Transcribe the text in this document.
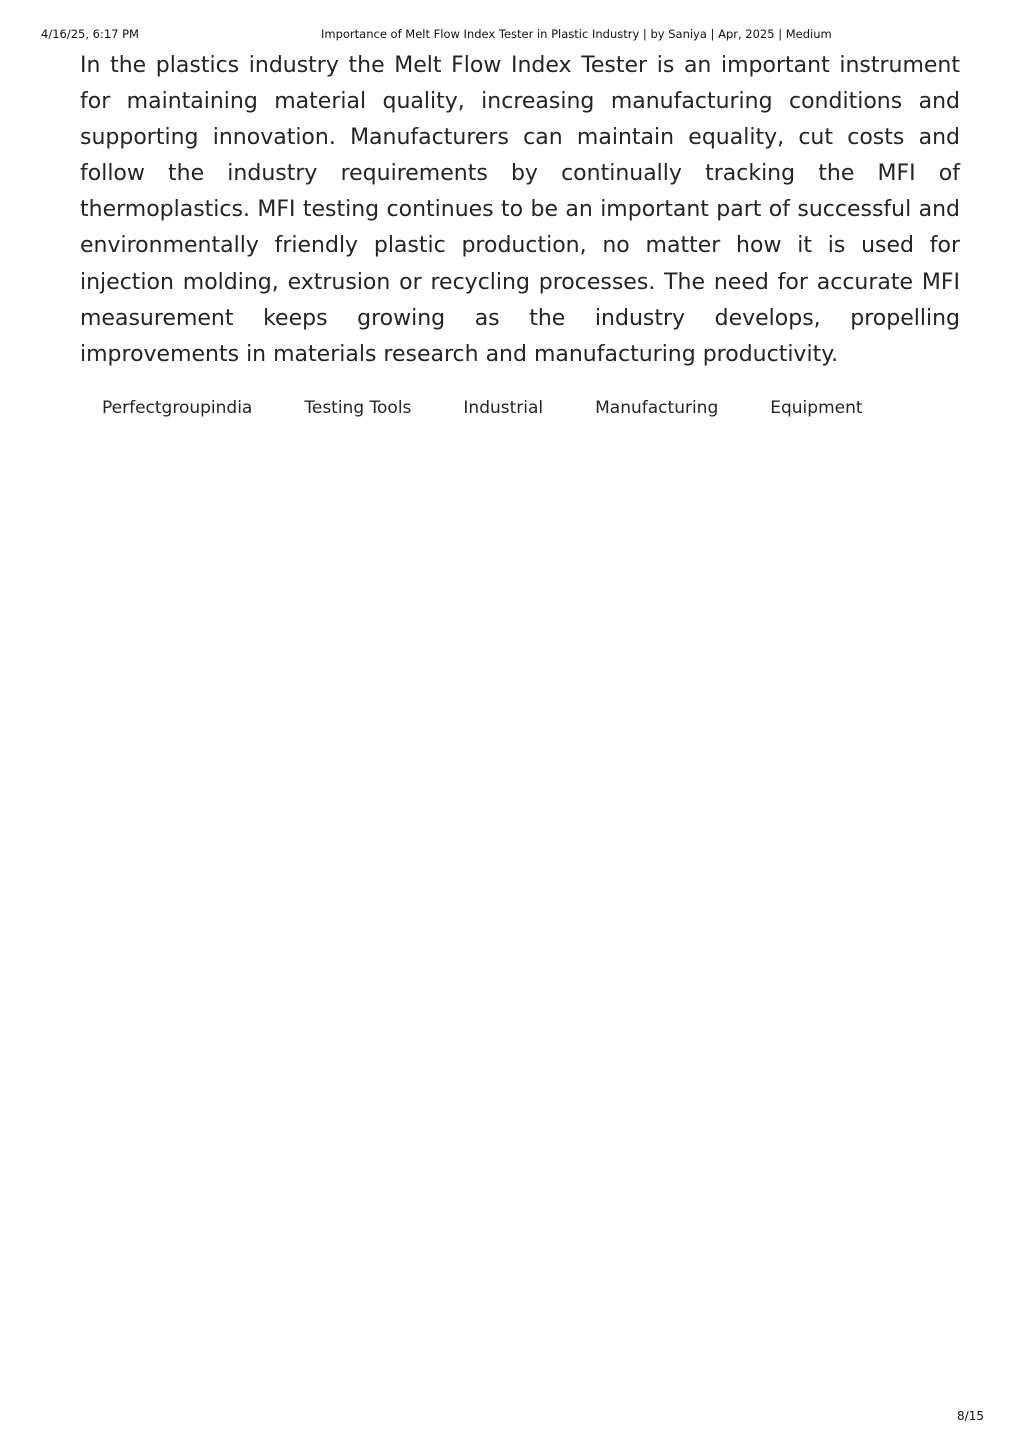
4/16/25, 6:17 PM	Importance of Melt Flow Index Tester in Plastic Industry | by Saniya | Apr, 2025 | Medium

In the plastics industry the Melt Flow Index Tester is an important instrument for maintaining material quality, increasing manufacturing conditions and supporting innovation. Manufacturers can maintain equality, cut costs and follow the industry requirements by continually tracking the MFI of thermoplastics. MFI testing continues to be an important part of successful and environmentally friendly plastic production, no matter how it is used for injection molding, extrusion or recycling processes. The need for accurate MFI measurement keeps growing as the industry develops, propelling improvements in materials research and manufacturing productivity.

Perfectgroupindia	Testing Tools	Industrial	Manufacturing	Equipment
8/15
